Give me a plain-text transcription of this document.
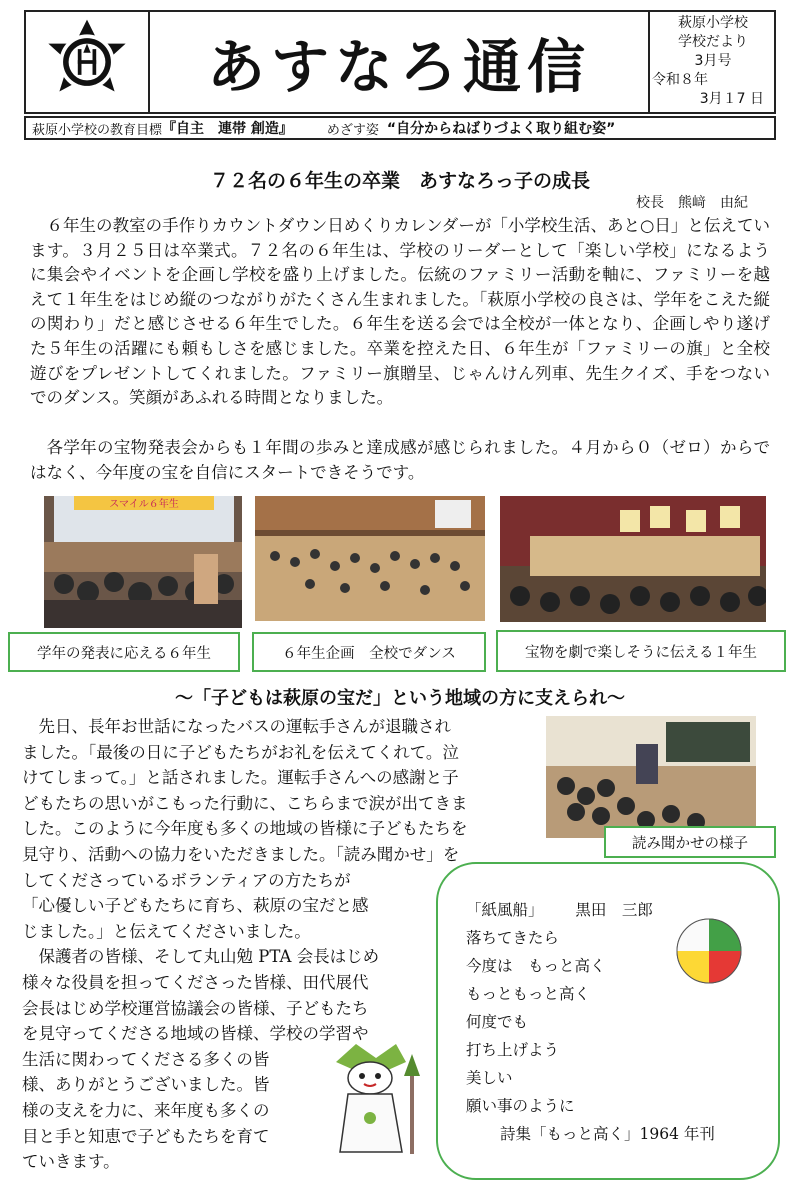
あすなろ通信
萩原小学校
学校だより
3月号
令和８年
3月１7 日
萩原小学校の教育目標 『自主　連帯 創造』	めざす姿 “自分からねばりづよく取り組む姿”
７２名の６年生の卒業　あすなろっ子の成長
校長　熊﨑　由紀

６年生の教室の手作りカウントダウン日めくりカレンダーが「小学校生活、あと○日」と伝えています。３月２５日は卒業式。７２名の６年生は、学校のリーダーとして「楽しい学校」になるように集会やイベントを企画し学校を盛り上げました。伝統のファミリー活動を軸に、ファミリーを越えて１年生をはじめ縦のつながりがたくさん生まれました。「萩原小学校の良さは、学年をこえた縦の関わり」だと感じさせる６年生でした。６年生を送る会では全校が一体となり、企画しやり遂げた５年生の活躍にも頼もしさを感じました。卒業を控えた日、６年生が「ファミリーの旗」と全校遊びをプレゼントしてくれました。ファミリー旗贈呈、じゃんけん列車、先生クイズ、手をつないでのダンス。笑顔があふれる時間となりました。

各学年の宝物発表会からも１年間の歩みと達成感が感じられました。４月から０（ゼロ）からではなく、今年度の宝を自信にスタートできそうです。

スマイル６年生
学年の発表に応える６年生	６年生企画　全校でダンス	宝物を劇で楽しそうに伝える１年生
～「子どもは萩原の宝だ」という地域の方に支えられ～
　先日、長年お世話になったバスの運転手さんが退職され
ました。「最後の日に子どもたちがお礼を伝えてくれて。泣
けてしまって。」と話されました。運転手さんへの感謝と子
どもたちの思いがこもった行動に、こちらまで涙が出てきま
した。このように今年度も多くの地域の皆様に子どもたちを
見守り、活動への協力をいただきました。「読み聞かせ」を
してくださっているボランティアの方たちが
「心優しい子どもたちに育ち、萩原の宝だと感
じました。」と伝えてくださいました。
　保護者の皆様、そして丸山勉 PTA 会長はじめ
様々な役員を担ってくださった皆様、田代展代
会長はじめ学校運営協議会の皆様、子どもたち
を見守ってくださる地域の皆様、学校の学習や
生活に関わってくださる多くの皆
様、ありがとうございました。皆
様の支えを力に、来年度も多くの
目と手と知恵で子どもたちを育て
ていきます。
読み聞かせの様子
「紙風船」 黒田　三郎
落ちてきたら
今度は　もっと高く
もっともっと高く
何度でも
打ち上げよう
美しい
願い事のように
詩集「もっと高く」1964 年刊
